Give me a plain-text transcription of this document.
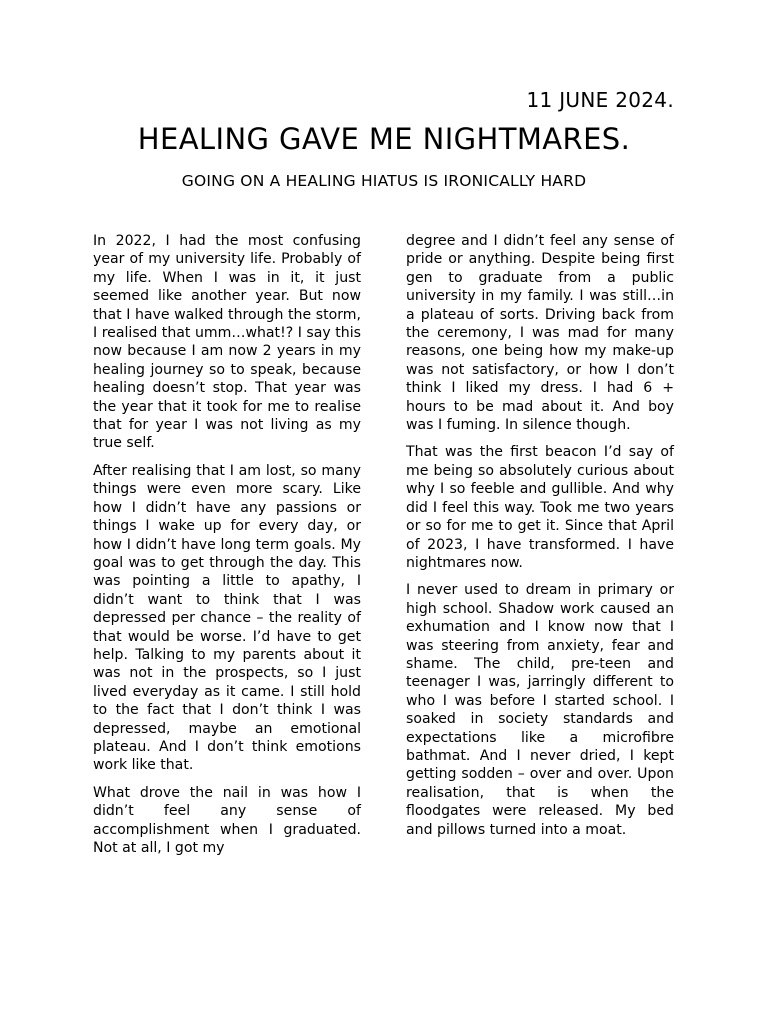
11 JUNE 2024.
HEALING GAVE ME NIGHTMARES.
GOING ON A HEALING HIATUS IS IRONICALLY HARD

In 2022, I had the most confusing year of my university life. Probably of my life. When I was in it, it just seemed like another year. But now that I have walked through the storm, I realised that umm…what!? I say this now because I am now 2 years in my healing journey so to speak, because healing doesn’t stop. That year was the year that it took for me to realise that for year I was not living as my true self.

After realising that I am lost, so many things were even more scary. Like how I didn’t have any passions or things I wake up for every day, or how I didn’t have long term goals. My goal was to get through the day. This was pointing a little to apathy, I didn’t want to think that I was depressed per chance – the reality of that would be worse. I’d have to get help. Talking to my parents about it was not in the prospects, so I just lived everyday as it came. I still hold to the fact that I don’t think I was depressed, maybe an emotional plateau. And I don’t think emotions work like that.

What drove the nail in was how I didn’t feel any sense of accomplishment when I graduated. Not at all, I got my

degree and I didn’t feel any sense of pride or anything. Despite being first gen to graduate from a public university in my family. I was still…in a plateau of sorts. Driving back from the ceremony, I was mad for many reasons, one being how my make-up was not satisfactory, or how I don’t think I liked my dress. I had 6 + hours to be mad about it. And boy was I fuming. In silence though.

That was the first beacon I’d say of me being so absolutely curious about why I so feeble and gullible. And why did I feel this way. Took me two years or so for me to get it. Since that April of 2023, I have transformed. I have nightmares now.

I never used to dream in primary or high school. Shadow work caused an exhumation and I know now that I was steering from anxiety, fear and shame. The child, pre-teen and teenager I was, jarringly different to who I was before I started school. I soaked in society standards and expectations like a microfibre bathmat. And I never dried, I kept getting sodden – over and over. Upon realisation, that is when the floodgates were released. My bed and pillows turned into a moat.
